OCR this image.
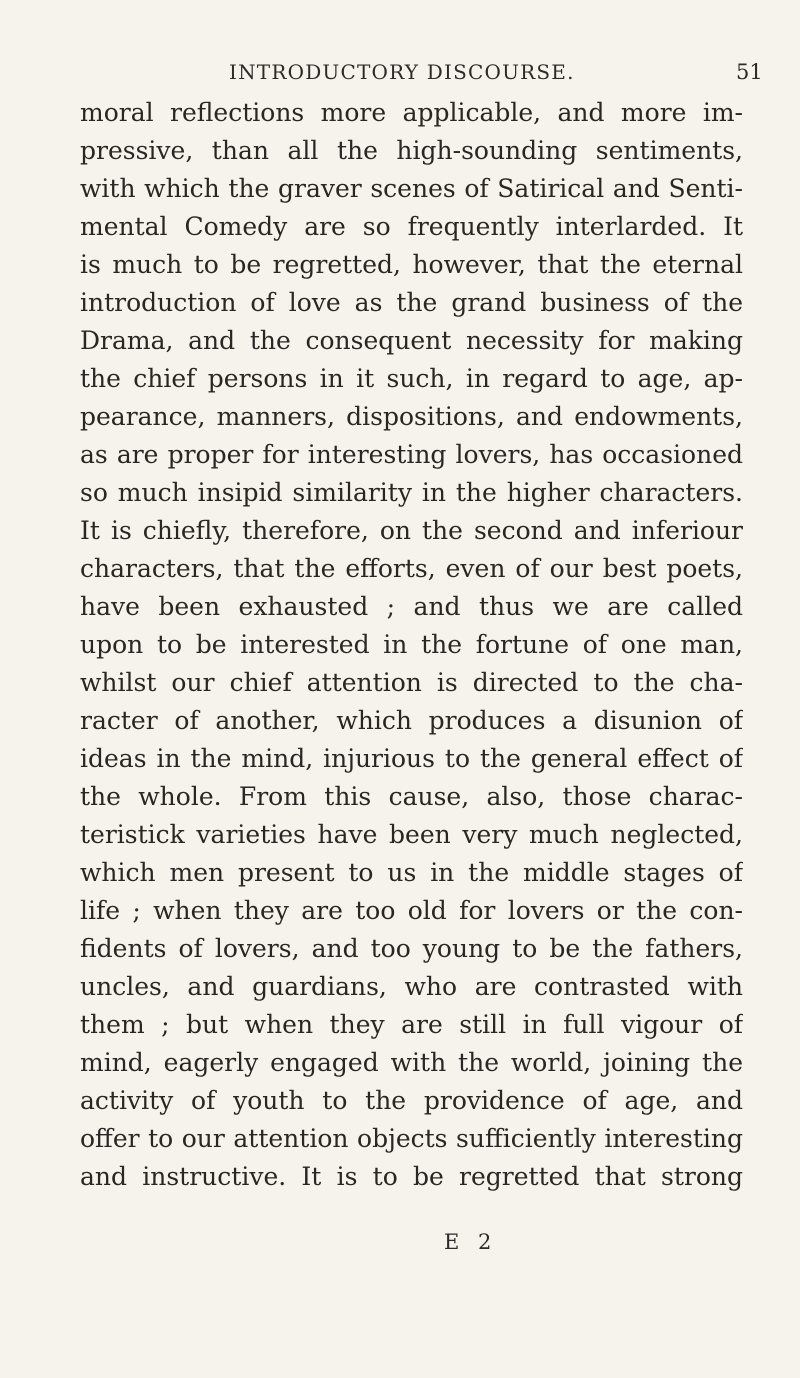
INTRODUCTORY DISCOURSE.	51
moral reflections more applicable, and more im-
pressive, than all the high-sounding sentiments,
with which the graver scenes of Satirical and Senti-
mental Comedy are so frequently interlarded. It
is much to be regretted, however, that the eternal
introduction of love as the grand business of the
Drama, and the consequent necessity for making
the chief persons in it such, in regard to age, ap-
pearance, manners, dispositions, and endowments,
as are proper for interesting lovers, has occasioned
so much insipid similarity in the higher characters.
It is chiefly, therefore, on the second and inferiour
characters, that the efforts, even of our best poets,
have been exhausted ; and thus we are called
upon to be interested in the fortune of one man,
whilst our chief attention is directed to the cha-
racter of another, which produces a disunion of
ideas in the mind, injurious to the general effect of
the whole. From this cause, also, those charac-
teristick varieties have been very much neglected,
which men present to us in the middle stages of
life ; when they are too old for lovers or the con-
fidents of lovers, and too young to be the fathers,
uncles, and guardians, who are contrasted with
them ; but when they are still in full vigour of
mind, eagerly engaged with the world, joining the
activity of youth to the providence of age, and
offer to our attention objects sufficiently interesting
and instructive. It is to be regretted that strong
E 2
